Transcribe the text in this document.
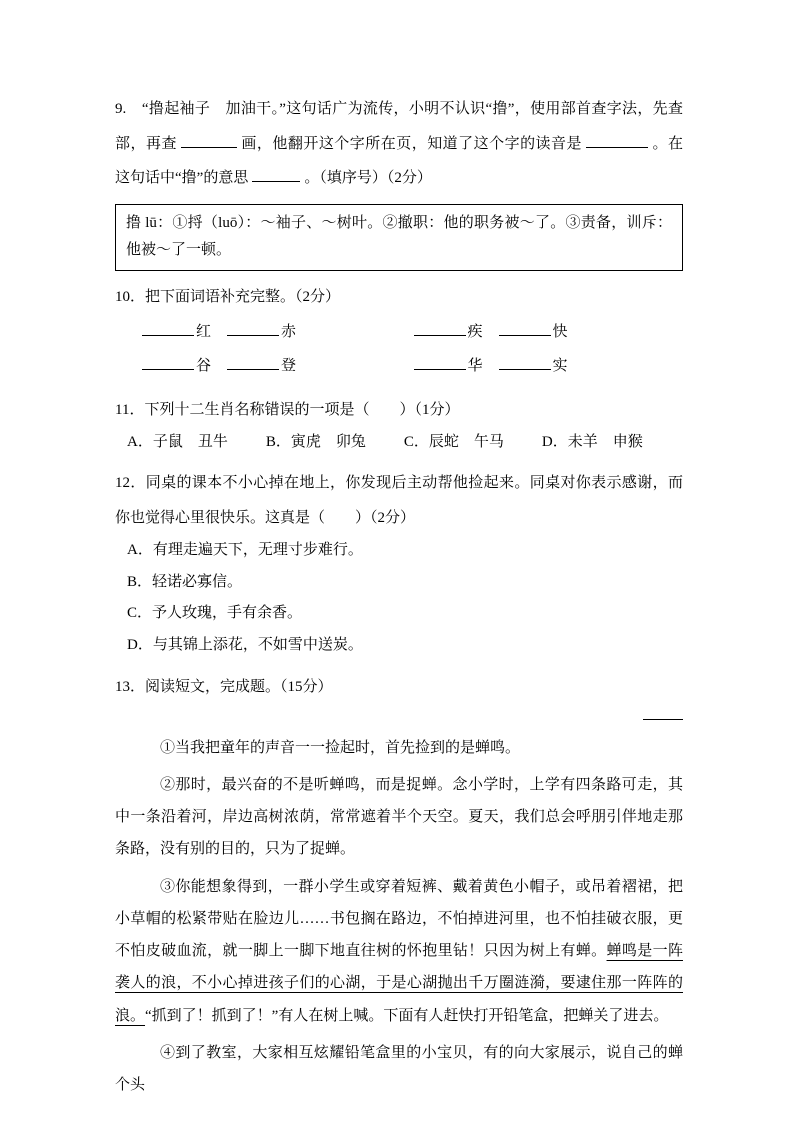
9.　“撸起袖子　加油干。”这句话广为流传，小明不认识“撸”，使用部首查字法，先查部，再查	画，他翻开这个字所在页，知道了这个字的读音是	。在这句话中“撸”的意思	。（填序号）（2分）

撸 lū：①捋（luō）：～袖子、～树叶。②撤职：他的职务被～了。③责备，训斥：他被～了一顿。

10．把下面词语补充完整。（2分）

红	赤	疾	快
谷	登	华	实

11．下列十二生肖名称错误的一项是（　　）（1分）

A．子鼠　丑牛	B．寅虎　卯兔	C．辰蛇　午马	D．未羊　申猴

12．同桌的课本不小心掉在地上，你发现后主动帮他捡起来。同桌对你表示感谢，而你也觉得心里很快乐。这真是（　　）（2分）

A．有理走遍天下，无理寸步难行。
B．轻诺必寡信。
C．予人玫瑰，手有余香。
D．与其锦上添花，不如雪中送炭。

13．阅读短文，完成题。（15分）

①当我把童年的声音一一捡起时，首先捡到的是蝉鸣。

②那时，最兴奋的不是听蝉鸣，而是捉蝉。念小学时，上学有四条路可走，其中一条沿着河，岸边高树浓荫，常常遮着半个天空。夏天，我们总会呼朋引伴地走那条路，没有别的目的，只为了捉蝉。

③你能想象得到，一群小学生或穿着短裤、戴着黄色小帽子，或吊着褶裙，把小草帽的松紧带贴在脸边儿……书包搁在路边，不怕掉进河里，也不怕挂破衣服，更不怕皮破血流，就一脚上一脚下地直往树的怀抱里钻！只因为树上有蝉。蝉鸣是一阵袭人的浪，不小心掉进孩子们的心湖，于是心湖抛出千万圈涟漪，要逮住那一阵阵的浪。“抓到了！抓到了！”有人在树上喊。下面有人赶快打开铅笔盒，把蝉关了进去。

④到了教室，大家相互炫耀铅笔盒里的小宝贝，有的向大家展示，说自己的蝉个头
